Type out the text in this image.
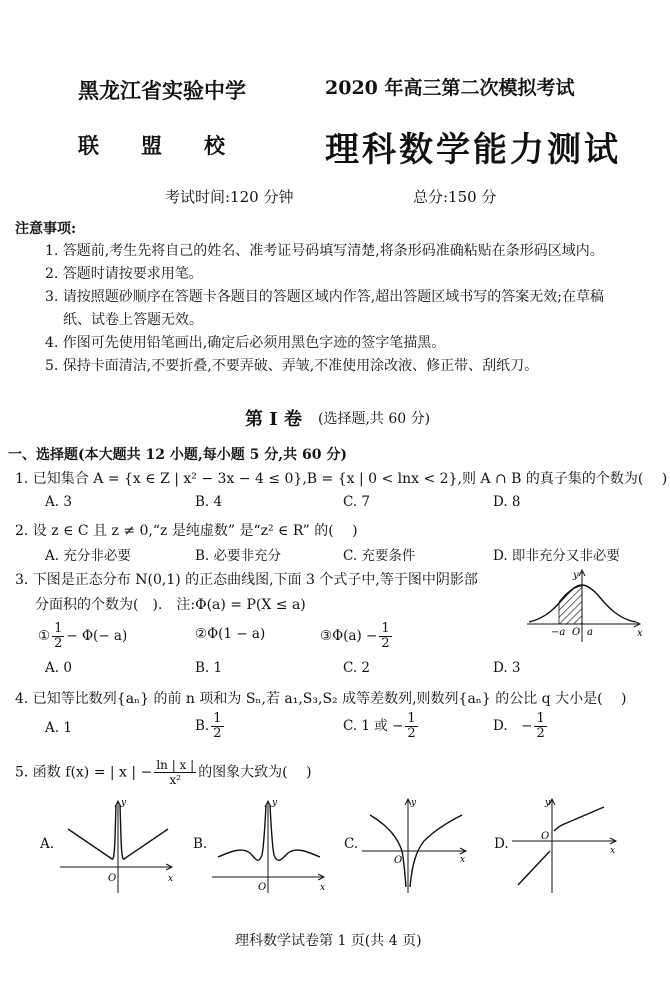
黑龙江省实验中学
联　　盟　　校
2020 年高三第二次模拟考试
理科数学能力测试
考试时间:120 分钟	总分:150 分
注意事项:
1. 答题前,考生先将自己的姓名、准考证号码填写清楚,将条形码准确粘贴在条形码区域内。
2. 答题时请按要求用笔。
3. 请按照题砂顺序在答题卡各题目的答题区域内作答,超出答题区域书写的答案无效;在草稿
纸、试卷上答题无效。
4. 作图可先使用铅笔画出,确定后必须用黑色字迹的签字笔描黑。
5. 保持卡面清洁,不要折叠,不要弄破、弄皱,不准使用涂改液、修正带、刮纸刀。
第 Ⅰ 卷 (选择题,共 60 分)
一、选择题(本大题共 12 小题,每小题 5 分,共 60 分)
1. 已知集合 A = {x ∈ Z | x² − 3x − 4 ≤ 0},B = {x | 0 < lnx < 2},则 A ∩ B 的真子集的个数为(　 )
A. 3	B. 4	C. 7	D. 8
2. 设 z ∈ C 且 z ≠ 0,“z 是纯虚数” 是“z² ∈ R” 的(　 )
A. 充分非必要	B. 必要非充分	C. 充要条件	D. 即非充分又非必要
3. 下图是正态分布 N(0,1) 的正态曲线图,下面 3 个式子中,等于图中阴影部
分面积的个数为(　).　注:Φ(a) = P(X ≤ a)
① $\frac{1}{2} - \Phi(- a)$	②Φ(1 − a)	③Φ(a) − $\frac{1}{2}$
A. 0	B. 1	C. 2	D. 3
y
x
−a O a
4. 已知等比数列{aₙ} 的前 n 项和为 Sₙ,若 a₁,S₃,S₂ 成等差数列,则数列{aₙ} 的公比 q 大小是(　 )
A. 1	B. $\frac{1}{2}$	C. 1 或 − $\frac{1}{2}$	D.　− $\frac{1}{2}$
5. 函数 f(x) = | x | − $\frac{\ln | x |}{\text{x²}}$ 的图象大致为(　 )
A.	B.	C.	D.
y
x
O
y
x
O
y
x
O
y
x
O
理科数学试卷第 1 页(共 4 页)
